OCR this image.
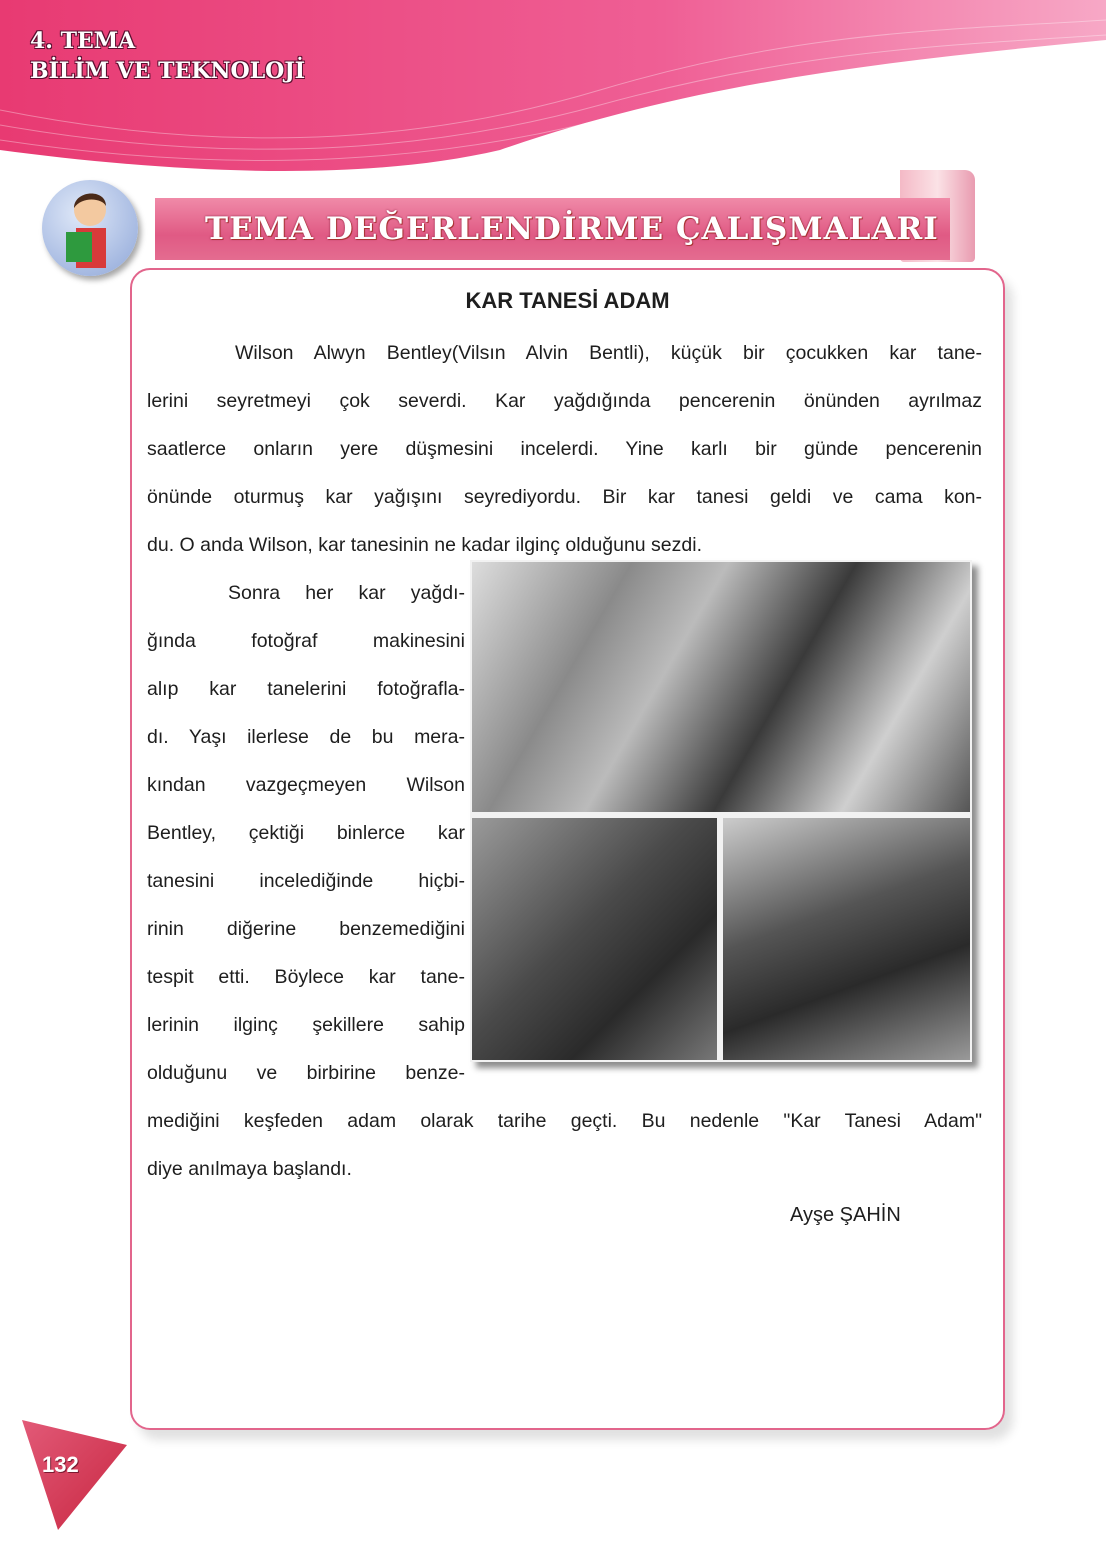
4. TEMA
BİLİM VE TEKNOLOJİ
TEMA DEĞERLENDİRME ÇALIŞMALARI
KAR TANESİ ADAM
Wilson Alwyn Bentley(Vilsın Alvin Bentli), küçük bir çocukken kar tane-
lerini seyretmeyi çok severdi. Kar yağdığında pencerenin önünden ayrılmaz
saatlerce onların yere düşmesini incelerdi. Yine karlı bir günde pencerenin
önünde oturmuş kar yağışını seyrediyordu. Bir kar tanesi geldi ve cama kon-
du. O anda Wilson, kar tanesinin ne kadar ilginç olduğunu sezdi.
Sonra her kar yağdı-
ğında fotoğraf makinesini
alıp kar tanelerini fotoğrafla-
dı. Yaşı ilerlese de bu mera-
kından vazgeçmeyen Wilson
Bentley, çektiği binlerce kar
tanesini incelediğinde hiçbi-
rinin diğerine benzemediğini
tespit etti. Böylece kar tane-
lerinin ilginç şekillere sahip
olduğunu ve birbirine benze-
mediğini keşfeden adam olarak tarihe geçti. Bu nedenle "Kar Tanesi Adam"
diye anılmaya başlandı.
Ayşe ŞAHİN
132
